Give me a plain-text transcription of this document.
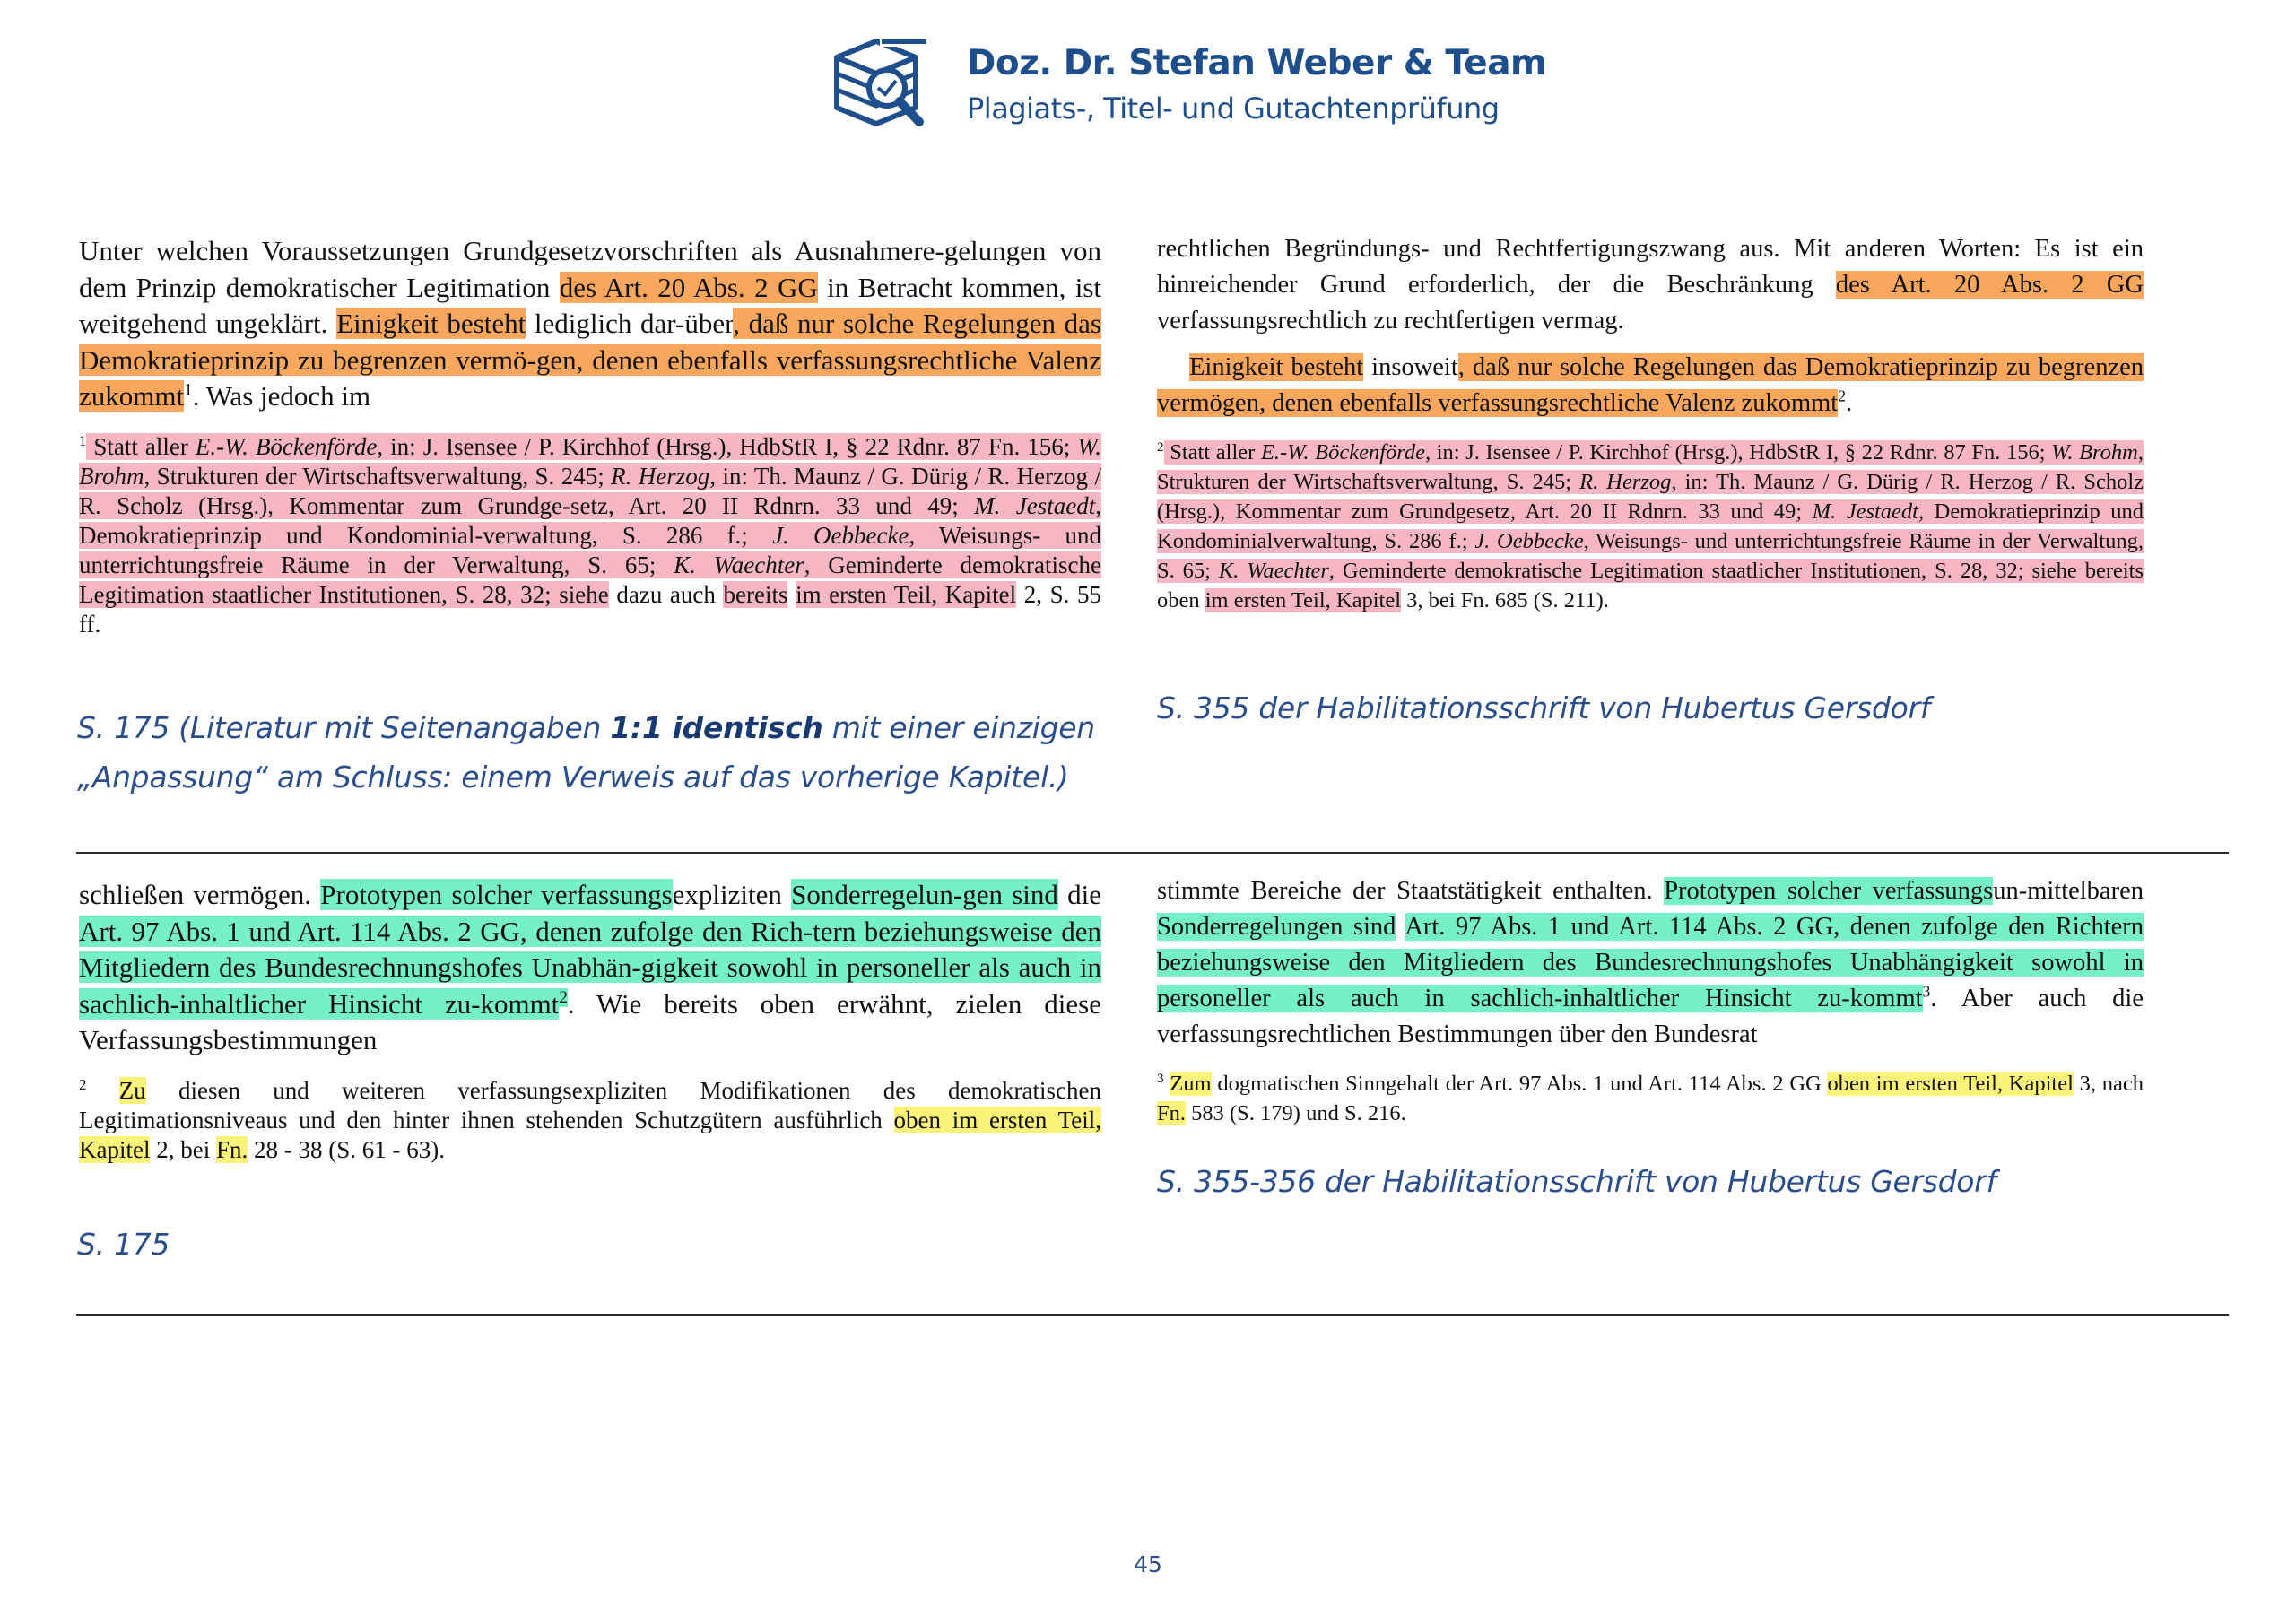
Doz. Dr. Stefan Weber & Team
Plagiats-, Titel- und Gutachtenprüfung

Unter welchen Voraussetzungen Grundgesetzvorschriften als Ausnahmere-gelungen von dem Prinzip demokratischer Legitimation des Art. 20 Abs. 2 GG in Betracht kommen, ist weitgehend ungeklärt. Einigkeit besteht lediglich dar-über, daß nur solche Regelungen das Demokratieprinzip zu begrenzen vermö-gen, denen ebenfalls verfassungsrechtliche Valenz zukommt$^1$. Was jedoch im

$^1$ Statt aller E.-W. Böckenförde, in: J. Isensee / P. Kirchhof (Hrsg.), HdbStR I, § 22 Rdnr. 87 Fn. 156; W. Brohm, Strukturen der Wirtschaftsverwaltung, S. 245; R. Herzog, in: Th. Maunz / G. Dürig / R. Herzog / R. Scholz (Hrsg.), Kommentar zum Grundge-setz, Art. 20 II Rdnrn. 33 und 49; M. Jestaedt, Demokratieprinzip und Kondominial-verwaltung, S. 286 f.; J. Oebbecke, Weisungs- und unterrichtungsfreie Räume in der Verwaltung, S. 65; K. Waechter, Geminderte demokratische Legitimation staatlicher Institutionen, S. 28, 32; siehe dazu auch bereits im ersten Teil, Kapitel 2, S. 55 ff.

S. 175 (Literatur mit Seitenangaben 1:1 identisch mit einer einzigen
„Anpassung“ am Schluss: einem Verweis auf das vorherige Kapitel.)

rechtlichen Begründungs- und Rechtfertigungszwang aus. Mit anderen Worten: Es ist ein hinreichender Grund erforderlich, der die Beschränkung des Art. 20 Abs. 2 GG verfassungsrechtlich zu rechtfertigen vermag.

Einigkeit besteht insoweit, daß nur solche Regelungen das Demokratieprinzip zu begrenzen vermögen, denen ebenfalls verfassungsrechtliche Valenz zukommt$^2$.

$^2$ Statt aller E.-W. Böckenförde, in: J. Isensee / P. Kirchhof (Hrsg.), HdbStR I, § 22 Rdnr. 87 Fn. 156; W. Brohm, Strukturen der Wirtschaftsverwaltung, S. 245; R. Herzog, in: Th. Maunz / G. Dürig / R. Herzog / R. Scholz (Hrsg.), Kommentar zum Grundgesetz, Art. 20 II Rdnrn. 33 und 49; M. Jestaedt, Demokratieprinzip und Kondominialverwaltung, S. 286 f.; J. Oebbecke, Weisungs- und unterrichtungsfreie Räume in der Verwaltung, S. 65; K. Waechter, Geminderte demokratische Legitimation staatlicher Institutionen, S. 28, 32; siehe bereits oben im ersten Teil, Kapitel 3, bei Fn. 685 (S. 211).

S. 355 der Habilitationsschrift von Hubertus Gersdorf

schließen vermögen. Prototypen solcher verfassungsexpliziten Sonderregelun-gen sind die Art. 97 Abs. 1 und Art. 114 Abs. 2 GG, denen zufolge den Rich-tern beziehungsweise den Mitgliedern des Bundesrechnungshofes Unabhän-gigkeit sowohl in personeller als auch in sachlich-inhaltlicher Hinsicht zu-kommt$^2$. Wie bereits oben erwähnt, zielen diese Verfassungsbestimmungen

$^2$ Zu diesen und weiteren verfassungsexpliziten Modifikationen des demokratischen Legitimationsniveaus und den hinter ihnen stehenden Schutzgütern ausführlich oben im ersten Teil, Kapitel 2, bei Fn. 28 - 38 (S. 61 - 63).

S. 175

stimmte Bereiche der Staatstätigkeit enthalten. Prototypen solcher verfassungsun-mittelbaren Sonderregelungen sind Art. 97 Abs. 1 und Art. 114 Abs. 2 GG, denen zufolge den Richtern beziehungsweise den Mitgliedern des Bundesrechnungshofes Unabhängigkeit sowohl in personeller als auch in sachlich-inhaltlicher Hinsicht zu-kommt$^3$. Aber auch die verfassungsrechtlichen Bestimmungen über den Bundesrat

$^3$ Zum dogmatischen Sinngehalt der Art. 97 Abs. 1 und Art. 114 Abs. 2 GG oben im ersten Teil, Kapitel 3, nach Fn. 583 (S. 179) und S. 216.

S. 355-356 der Habilitationsschrift von Hubertus Gersdorf

45
